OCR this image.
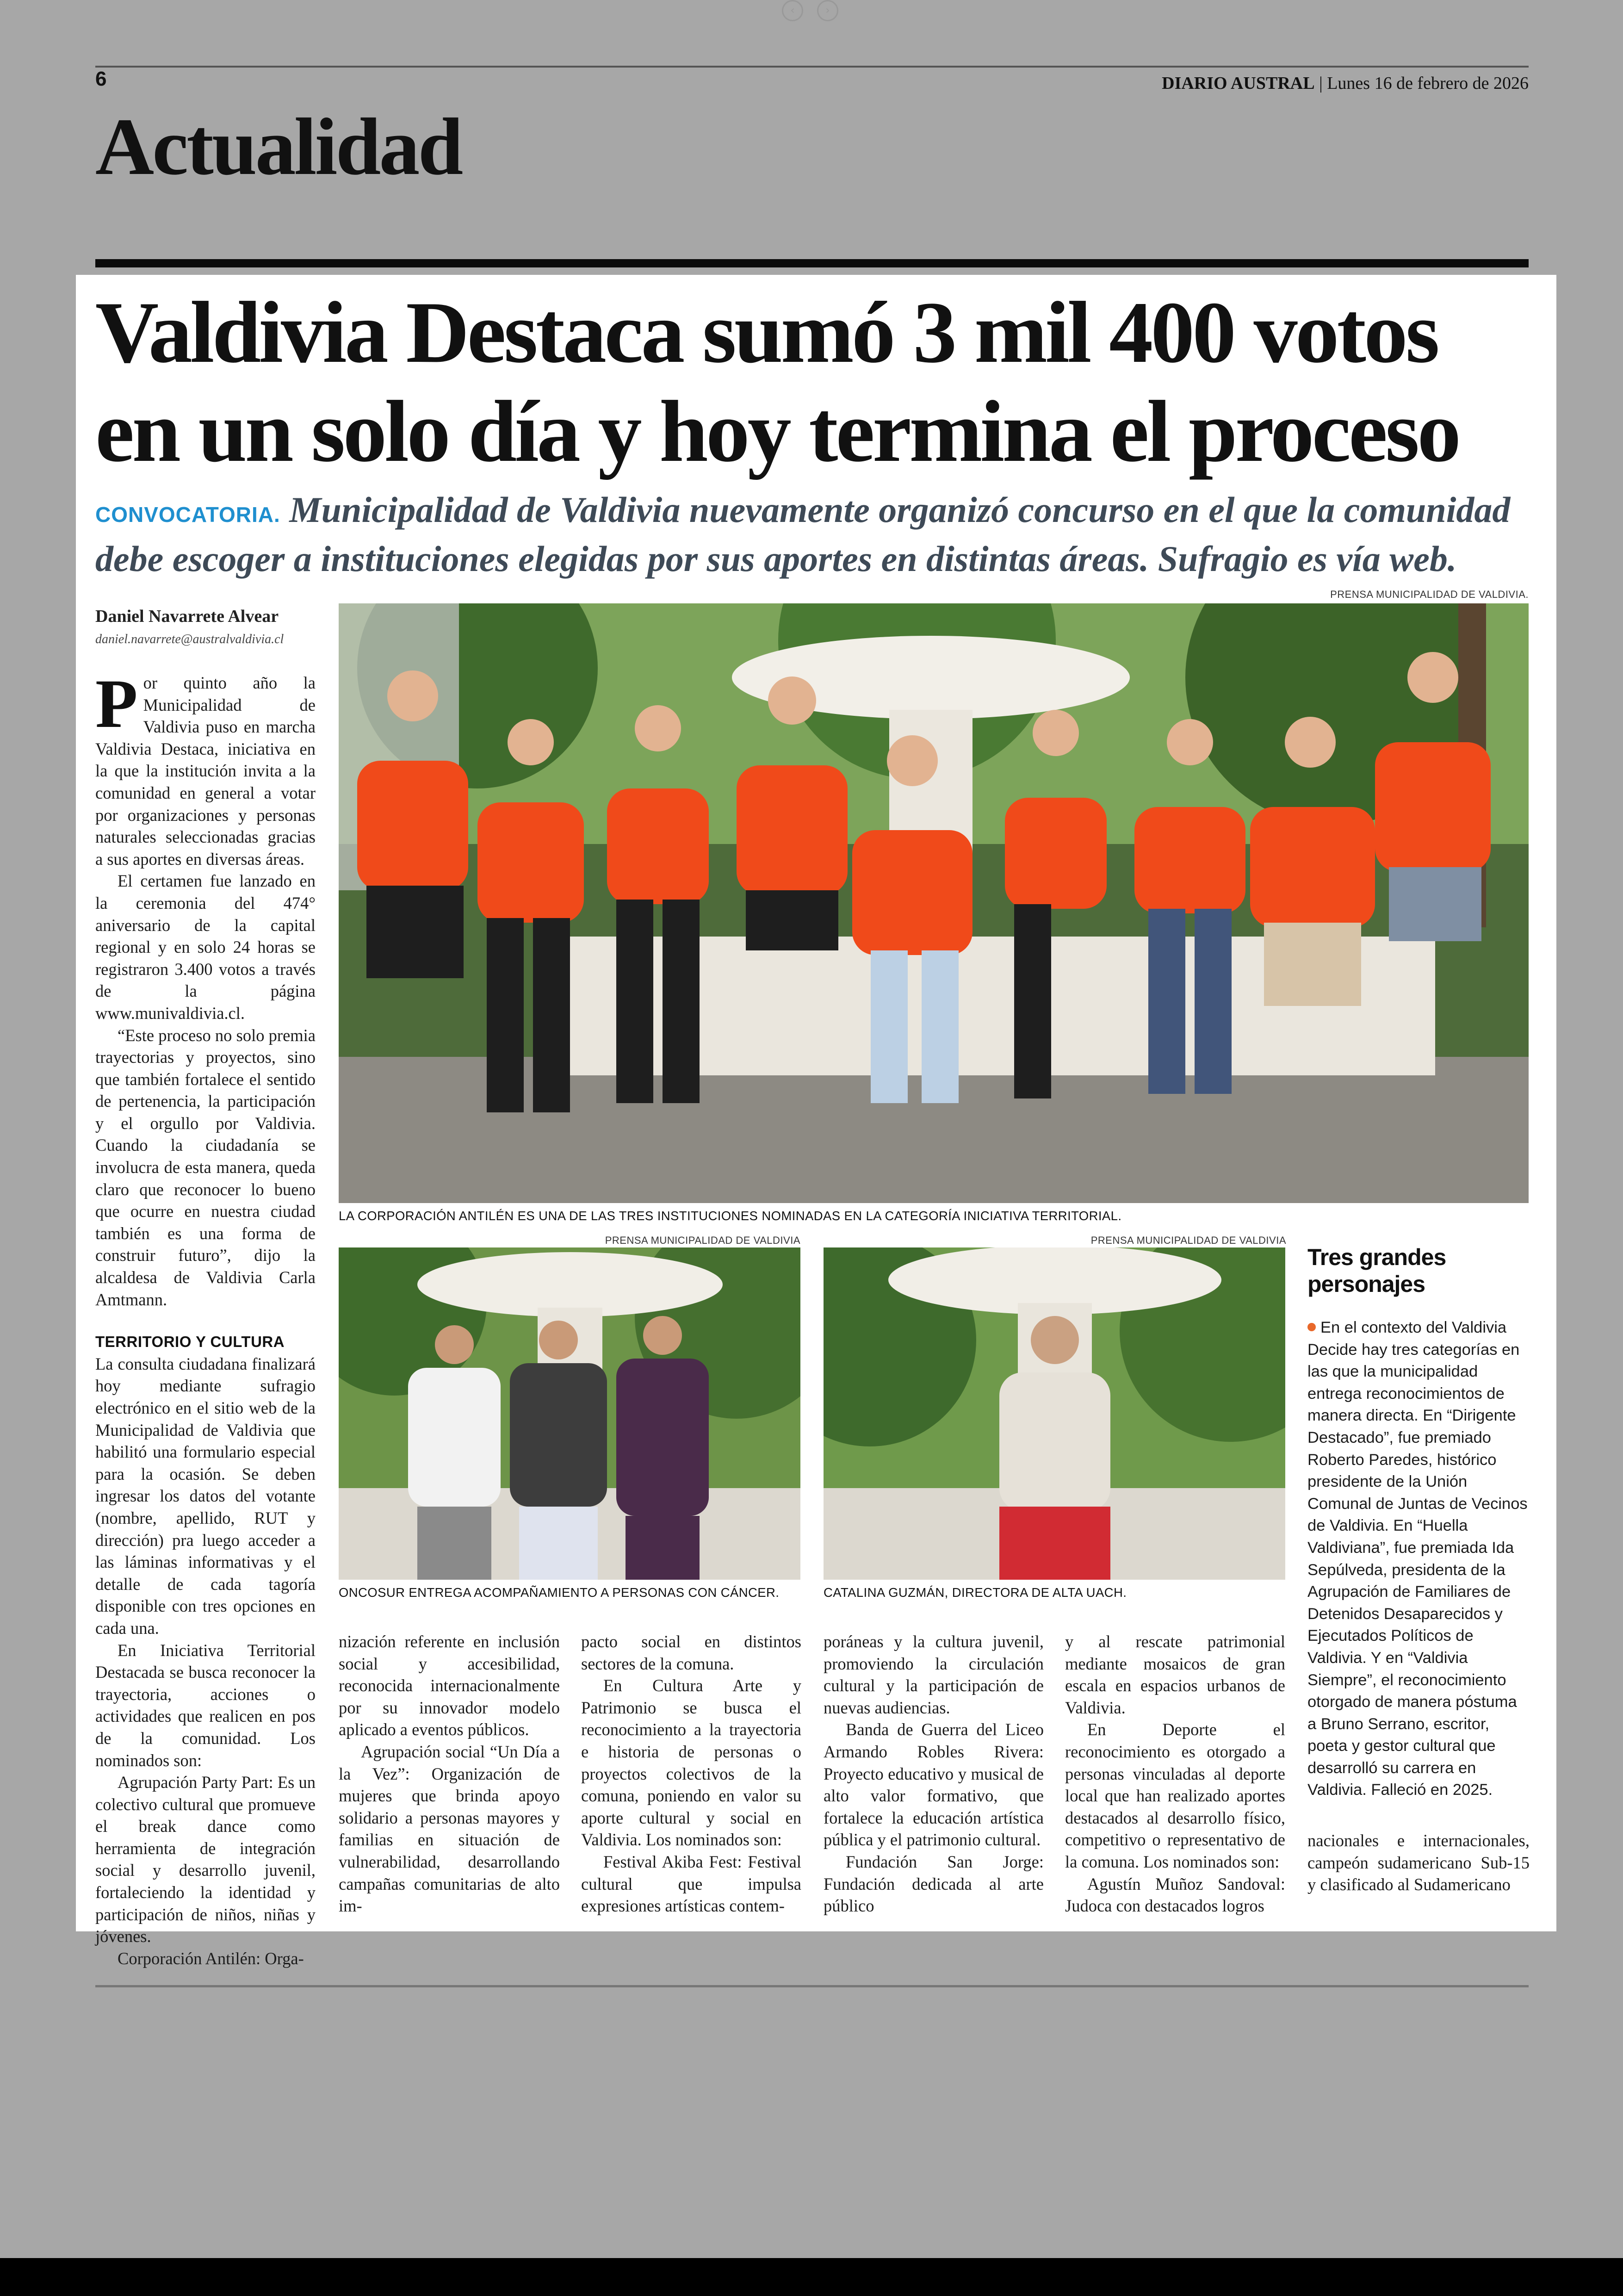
‹	›
6	DIARIO AUSTRAL | Lunes 16 de febrero de 2026
Actualidad
Valdivia Destaca sumó 3 mil 400 votos en un solo día y hoy termina el proceso
CONVOCATORIA. Municipalidad de Valdivia nuevamente organizó concurso en el que la comunidad debe escoger a instituciones elegidas por sus aportes en distintas áreas. Sufragio es vía web.
Daniel Navarrete Alvear
daniel.navarrete@australvaldivia.cl
P or quinto año la Municipalidad de Valdivia puso en marcha Valdivia Destaca, iniciativa en la que la institución invita a la comunidad en general a votar por organizaciones y personas naturales seleccionadas gracias a sus aportes en diversas áreas.

El certamen fue lanzado en la ceremonia del 474° aniversario de la capital regional y en solo 24 horas se registraron 3.400 votos a través de la página www.munivaldivia.cl.

“Este proceso no solo premia trayectorias y proyectos, sino que también fortalece el sentido de pertenencia, la participación y el orgullo por Valdivia. Cuando la ciudadanía se involucra de esta manera, queda claro que reconocer lo bueno que ocurre en nuestra ciudad también es una forma de construir futuro”, dijo la alcaldesa de Valdivia Carla Amtmann.

TERRITORIO Y CULTURA

La consulta ciudadana finalizará hoy mediante sufragio electrónico en el sitio web de la Municipalidad de Valdivia que habilitó una formulario especial para la ocasión. Se deben ingresar los datos del votante (nombre, apellido, RUT y dirección) pra luego acceder a las láminas informativas y el detalle de cada tagoría disponible con tres opciones en cada una.

En Iniciativa Territorial Destacada se busca reconocer la trayectoria, acciones o actividades que realicen en pos de la comunidad. Los nominados son:

Agrupación Party Part: Es un colectivo cultural que promueve el break dance como herramienta de integración social y desarrollo juvenil, fortaleciendo la identidad y participación de niños, niñas y jóvenes.

Corporación Antilén: Orga-

PRENSA MUNICIPALIDAD DE VALDIVIA.
LA CORPORACIÓN ANTILÉN ES UNA DE LAS TRES INSTITUCIONES NOMINADAS EN LA CATEGORÍA INICIATIVA TERRITORIAL.
PRENSA MUNICIPALIDAD DE VALDIVIA
ONCOSUR ENTREGA ACOMPAÑAMIENTO A PERSONAS CON CÁNCER.
PRENSA MUNICIPALIDAD DE VALDIVIA
CATALINA GUZMÁN, DIRECTORA DE ALTA UACH.

nización referente en inclusión social y accesibilidad, reconocida internacionalmente por su innovador modelo aplicado a eventos públicos.

Agrupación social “Un Día a la Vez”: Organización de mujeres que brinda apoyo solidario a personas mayores y familias en situación de vulnerabilidad, desarrollando campañas comunitarias de alto im-

pacto social en distintos sectores de la comuna.

En Cultura Arte y Patrimonio se busca el reconocimiento a la trayectoria e historia de personas o proyectos colectivos de la comuna, poniendo en valor su aporte cultural y social en Valdivia. Los nominados son:

Festival Akiba Fest: Festival cultural que impulsa expresiones artísticas contem-

poráneas y la cultura juvenil, promoviendo la circulación cultural y la participación de nuevas audiencias.

Banda de Guerra del Liceo Armando Robles Rivera: Proyecto educativo y musical de alto valor formativo, que fortalece la educación artística pública y el patrimonio cultural.

Fundación San Jorge: Fundación dedicada al arte público

y al rescate patrimonial mediante mosaicos de gran escala en espacios urbanos de Valdivia.

En Deporte el reconocimiento es otorgado a personas vinculadas al deporte local que han realizado aportes destacados al desarrollo físico, competitivo o representativo de la comuna. Los nominados son:

Agustín Muñoz Sandoval: Judoca con destacados logros

nacionales e internacionales, campeón sudamericano Sub-15 y clasificado al Sudamericano

Tres grandes personajes
En el contexto del Valdivia Decide hay tres categorías en las que la municipalidad entrega reconocimientos de manera directa. En “Dirigente Destacado”, fue premiado Roberto Paredes, histórico presidente de la Unión Comunal de Juntas de Vecinos de Valdivia. En “Huella Valdiviana”, fue premiada Ida Sepúlveda, presidenta de la Agrupación de Familiares de Detenidos Desaparecidos y Ejecutados Políticos de Valdivia. Y en “Valdivia Siempre”, el reconocimiento otorgado de manera póstuma a Bruno Serrano, escritor, poeta y gestor cultural que desarrolló su carrera en Valdivia. Falleció en 2025.
